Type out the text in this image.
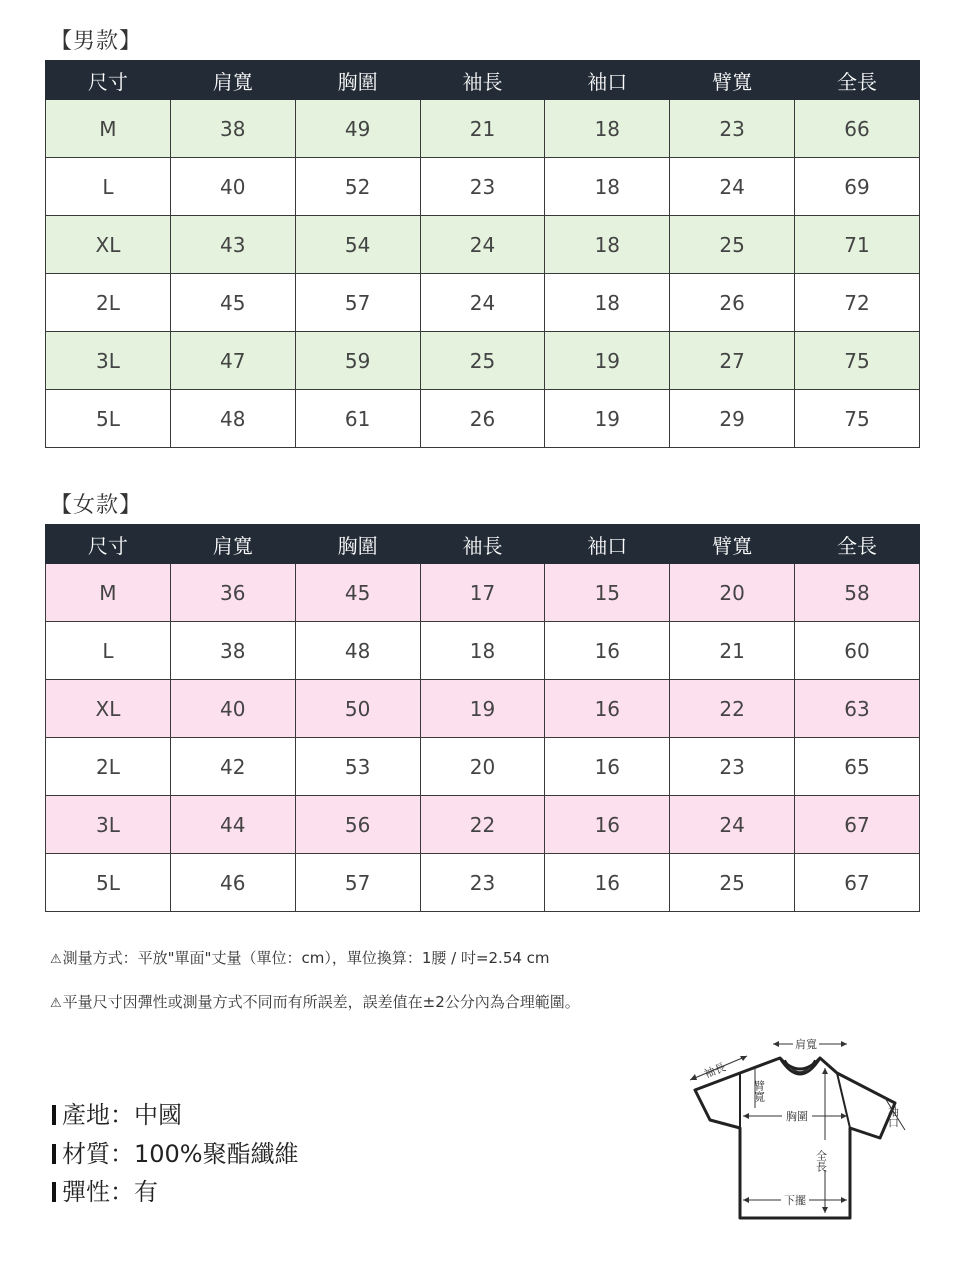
【男款】
尺寸	肩寬	胸圍	袖長	袖口	臂寬	全長
M	38	49	21	18	23	66
L	40	52	23	18	24	69
XL	43	54	24	18	25	71
2L	45	57	24	18	26	72
3L	47	59	25	19	27	75
5L	48	61	26	19	29	75
【女款】
尺寸	肩寬	胸圍	袖長	袖口	臂寬	全長
M	36	45	17	15	20	58
L	38	48	18	16	21	60
XL	40	50	19	16	22	63
2L	42	53	20	16	23	65
3L	44	56	22	16	24	67
5L	46	57	23	16	25	67
⚠測量方式：平放"單面"丈量（單位：cm），單位換算：1腰 / 吋=2.54 cm
⚠平量尺寸因彈性或測量方式不同而有所誤差，誤差值在±2公分內為合理範圍。
產地：中國
材質：100%聚酯纖維
彈性：有
肩寬
袖長
臂寬
胸圍
全長
袖口
下擺
